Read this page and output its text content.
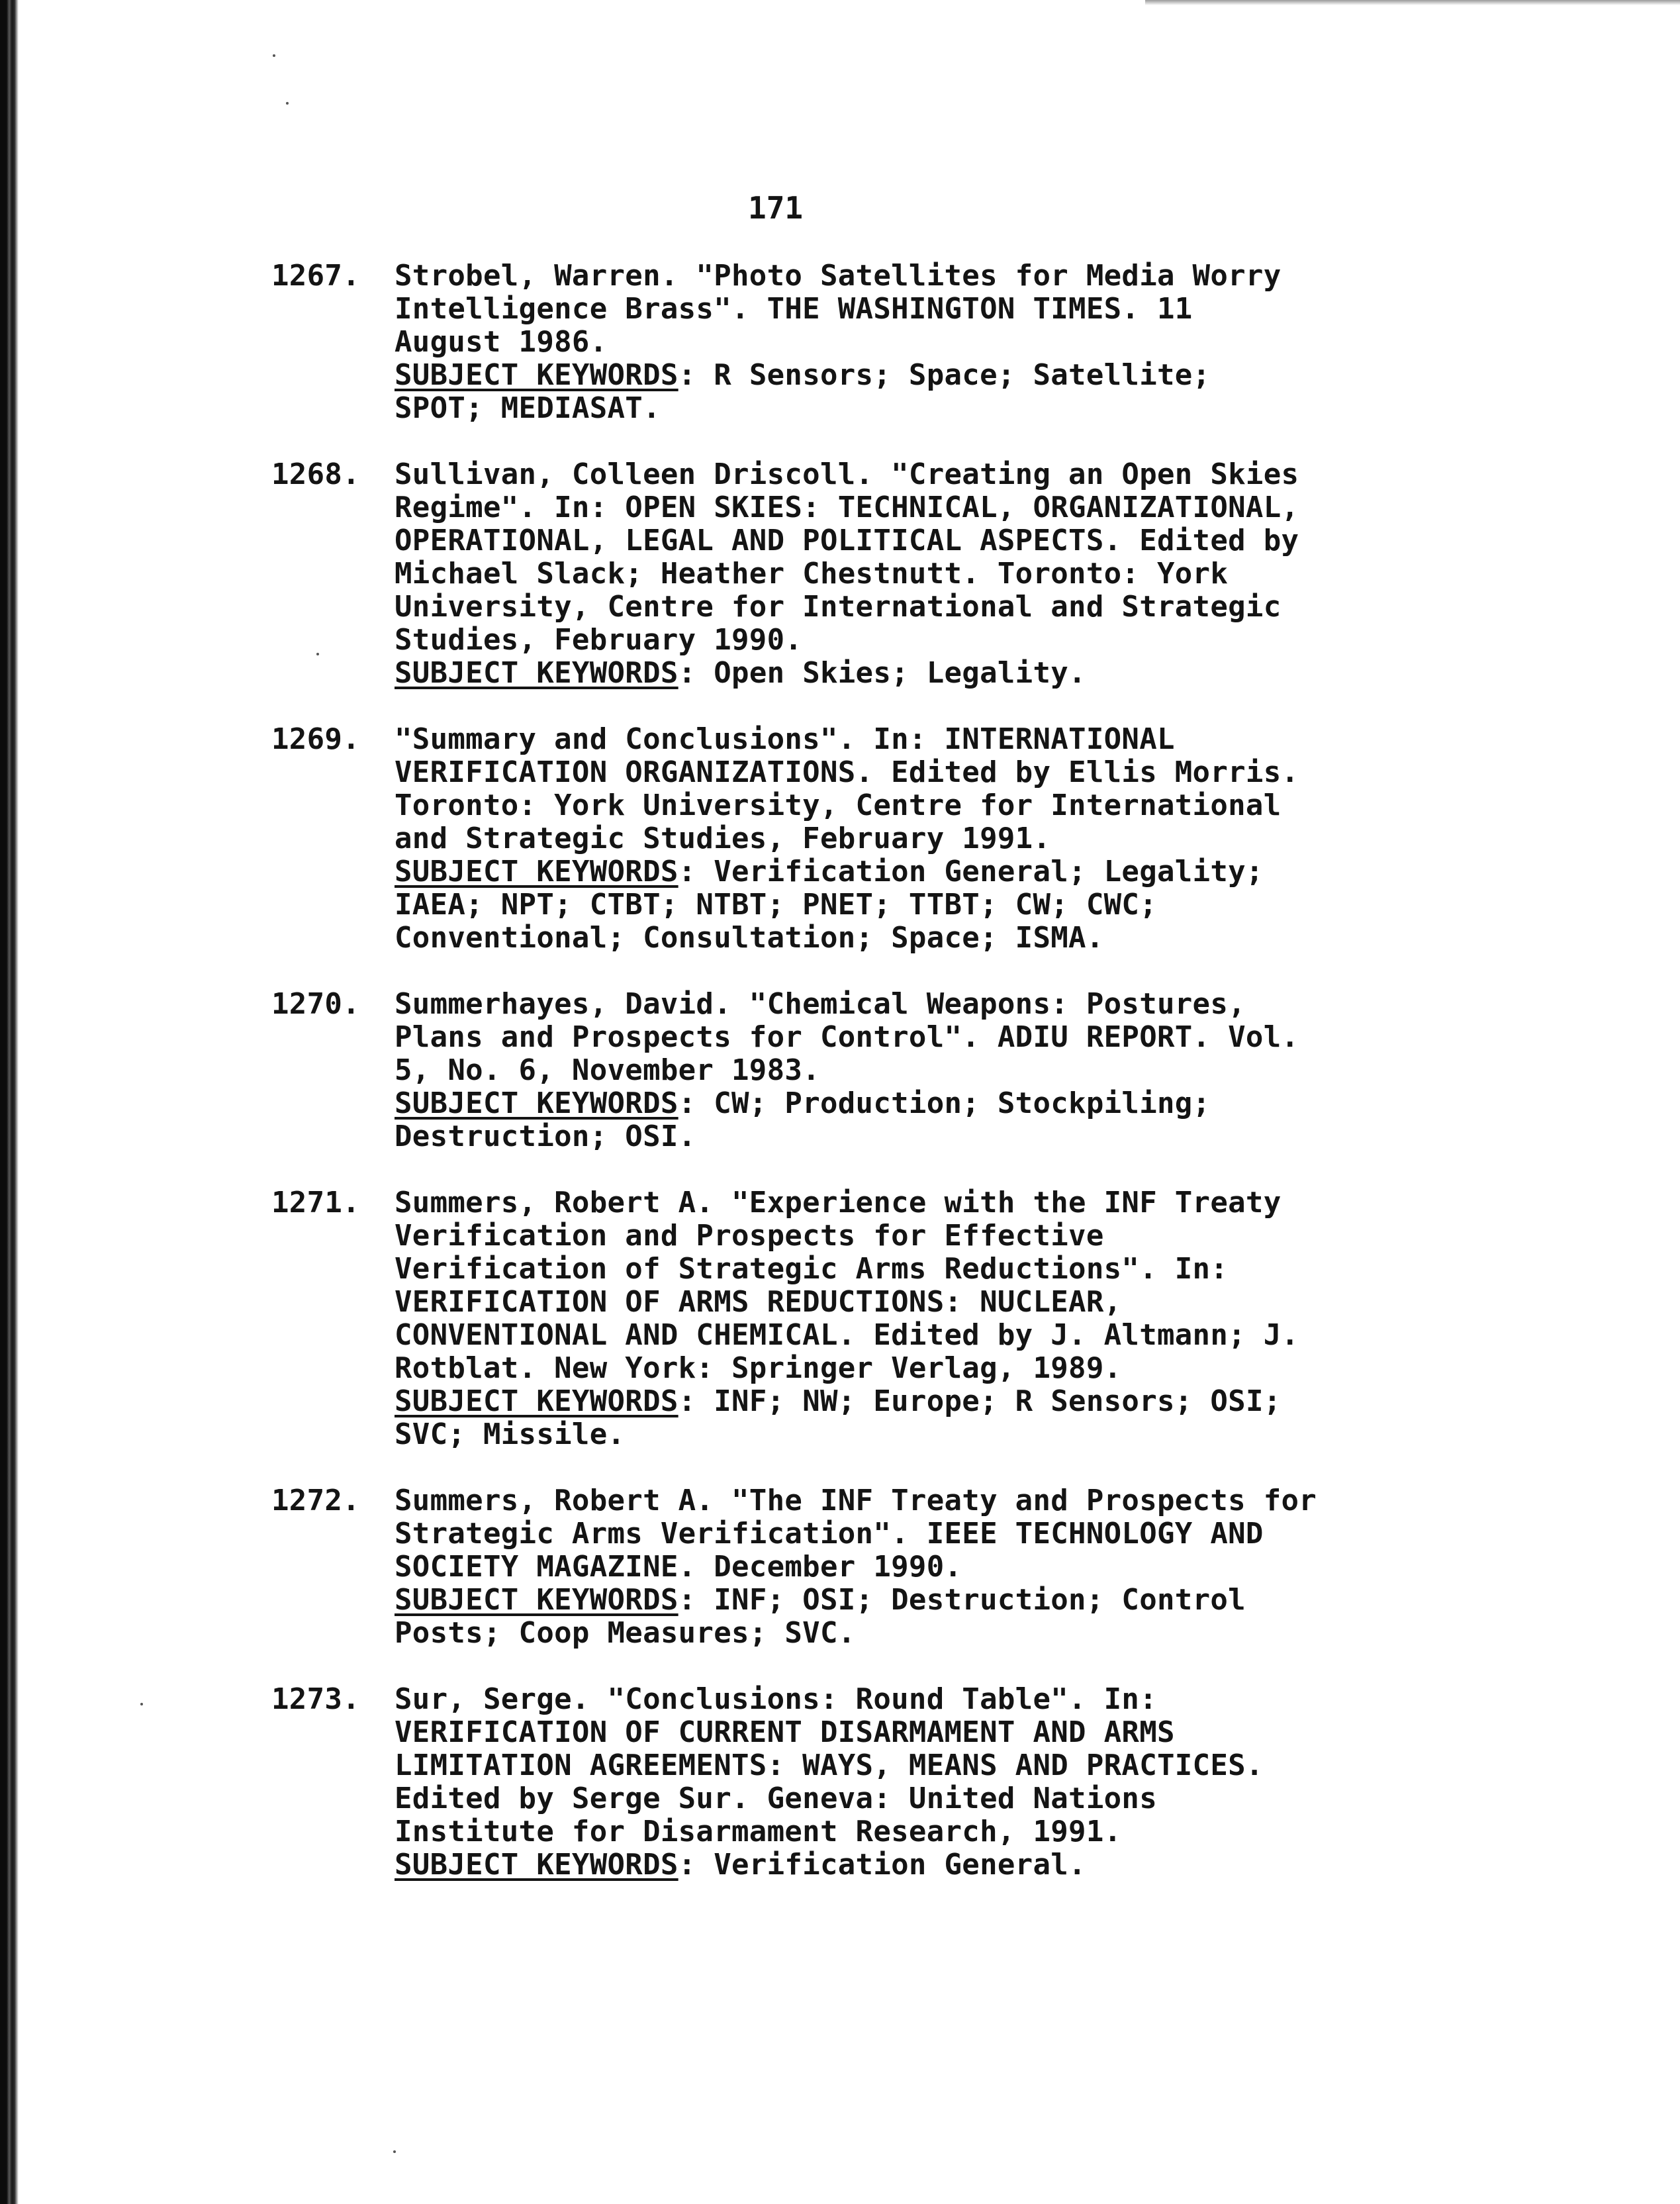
171
1267. Strobel, Warren. "Photo Satellites for Media Worry
Intelligence Brass". THE WASHINGTON TIMES. 11
August 1986.
SUBJECT KEYWORDS: R Sensors; Space; Satellite;
SPOT; MEDIASAT.
1268. Sullivan, Colleen Driscoll. "Creating an Open Skies
Regime". In: OPEN SKIES: TECHNICAL, ORGANIZATIONAL,
OPERATIONAL, LEGAL AND POLITICAL ASPECTS. Edited by
Michael Slack; Heather Chestnutt. Toronto: York
University, Centre for International and Strategic
Studies, February 1990.
SUBJECT KEYWORDS: Open Skies; Legality.
1269. "Summary and Conclusions". In: INTERNATIONAL
VERIFICATION ORGANIZATIONS. Edited by Ellis Morris.
Toronto: York University, Centre for International
and Strategic Studies, February 1991.
SUBJECT KEYWORDS: Verification General; Legality;
IAEA; NPT; CTBT; NTBT; PNET; TTBT; CW; CWC;
Conventional; Consultation; Space; ISMA.
1270. Summerhayes, David. "Chemical Weapons: Postures,
Plans and Prospects for Control". ADIU REPORT. Vol.
5, No. 6, November 1983.
SUBJECT KEYWORDS: CW; Production; Stockpiling;
Destruction; OSI.
1271. Summers, Robert A. "Experience with the INF Treaty
Verification and Prospects for Effective
Verification of Strategic Arms Reductions". In:
VERIFICATION OF ARMS REDUCTIONS: NUCLEAR,
CONVENTIONAL AND CHEMICAL. Edited by J. Altmann; J.
Rotblat. New York: Springer Verlag, 1989.
SUBJECT KEYWORDS: INF; NW; Europe; R Sensors; OSI;
SVC; Missile.
1272. Summers, Robert A. "The INF Treaty and Prospects for
Strategic Arms Verification". IEEE TECHNOLOGY AND
SOCIETY MAGAZINE. December 1990.
SUBJECT KEYWORDS: INF; OSI; Destruction; Control
Posts; Coop Measures; SVC.
1273. Sur, Serge. "Conclusions: Round Table". In:
VERIFICATION OF CURRENT DISARMAMENT AND ARMS
LIMITATION AGREEMENTS: WAYS, MEANS AND PRACTICES.
Edited by Serge Sur. Geneva: United Nations
Institute for Disarmament Research, 1991.
SUBJECT KEYWORDS: Verification General.
